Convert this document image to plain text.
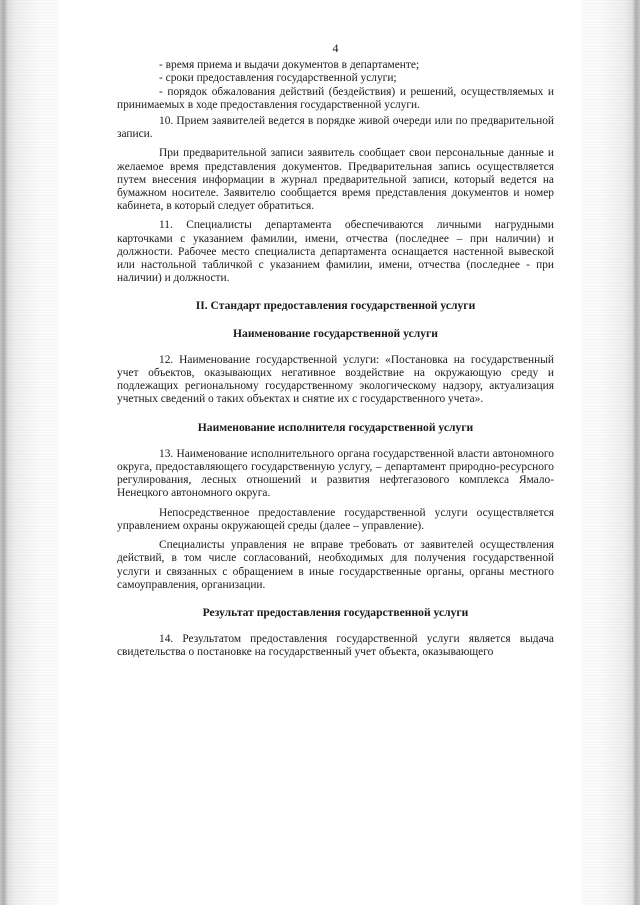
4

- время приема и выдачи документов в департаменте;

- сроки предоставления государственной услуги;

- порядок обжалования действий (бездействия) и решений, осуществляемых и принимаемых в ходе предоставления государственной услуги.

10. Прием заявителей ведется в порядке живой очереди или по предварительной записи.

При предварительной записи заявитель сообщает свои персональные данные и желаемое время представления документов. Предварительная запись осуществляется путем внесения информации в журнал предварительной записи, который ведется на бумажном носителе. Заявителю сообщается время представления документов и номер кабинета, в который следует обратиться.

11. Специалисты департамента обеспечиваются личными нагрудными карточками с указанием фамилии, имени, отчества (последнее – при наличии) и должности. Рабочее место специалиста департамента оснащается настенной вывеской или настольной табличкой с указанием фамилии, имени, отчества (последнее - при наличии) и должности.

II. Стандарт предоставления государственной услуги
Наименование государственной услуги

12. Наименование государственной услуги: «Постановка на государственный учет объектов, оказывающих негативное воздействие на окружающую среду и подлежащих региональному государственному экологическому надзору, актуализация учетных сведений о таких объектах и снятие их с государственного учета».

Наименование исполнителя государственной услуги

13. Наименование исполнительного органа государственной власти автономного округа, предоставляющего государственную услугу, – департамент природно-ресурсного регулирования, лесных отношений и развития нефтегазового комплекса Ямало-Ненецкого автономного округа.

Непосредственное предоставление государственной услуги осуществляется управлением охраны окружающей среды (далее – управление).

Специалисты управления не вправе требовать от заявителей осуществления действий, в том числе согласований, необходимых для получения государственной услуги и связанных с обращением в иные государственные органы, органы местного самоуправления, организации.

Результат предоставления государственной услуги

14. Результатом предоставления государственной услуги является выдача свидетельства о постановке на государственный учет объекта, оказывающего
